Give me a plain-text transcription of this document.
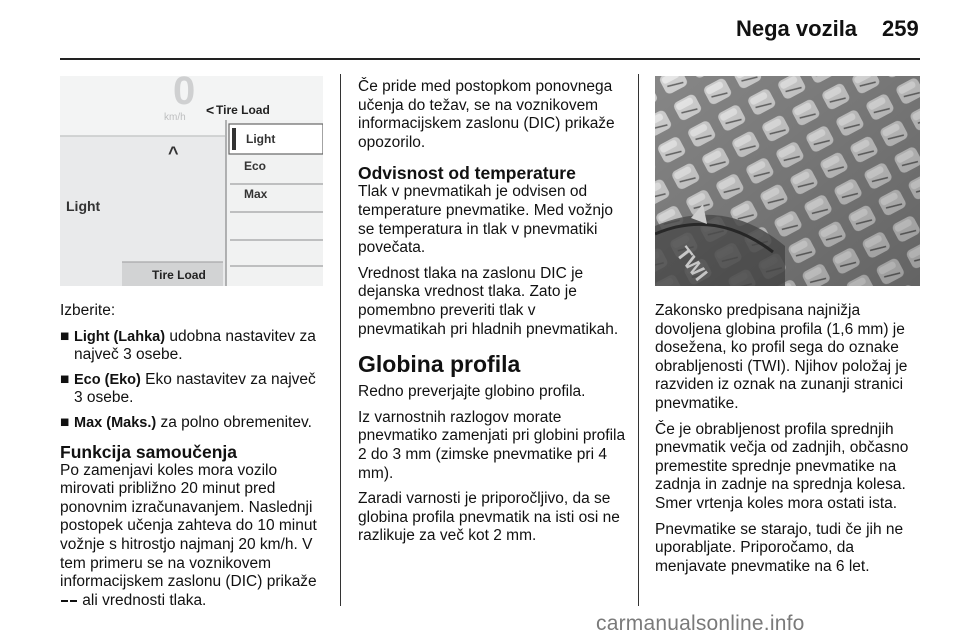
Nega vozila 259
0
km/h < Tire Load
^
Light
Light
Eco
Max
Tire Load

Izberite:

■ Light (Lahka) udobna nastavitev za največ 3 osebe.
■ Eco (Eko) Eko nastavitev za največ 3 osebe.
■ Max (Maks.) za polno obremenitev.
Funkcija samoučenja

Po zamenjavi koles mora vozilo mirovati približno 20 minut pred ponovnim izračunavanjem. Naslednji postopek učenja zahteva do 10 minut vožnje s hitrostjo najmanj 20 km/h. V tem primeru se na voznikovem informacijskem zaslonu (DIC) prikaže  ali vrednosti tlaka.

Če pride med postopkom ponovnega učenja do težav, se na voznikovem informacijskem zaslonu (DIC) prikaže opozorilo.

Odvisnost od temperature

Tlak v pnevmatikah je odvisen od temperature pnevmatike. Med vožnjo se temperatura in tlak v pnevmatiki povečata.

Vrednost tlaka na zaslonu DIC je dejanska vrednost tlaka. Zato je pomembno preveriti tlak v pnevmatikah pri hladnih pnevmatikah.

Globina profila

Redno preverjajte globino profila.

Iz varnostnih razlogov morate pnevmatiko zamenjati pri globini profila 2 do 3 mm (zimske pnevmatike pri 4 mm).

Zaradi varnosti je priporočljivo, da se globina profila pnevmatik na isti osi ne razlikuje za več kot 2 mm.

Zakonsko predpisana najnižja dovoljena globina profila (1,6 mm) je dosežena, ko profil sega do oznake obrabljenosti (TWI). Njihov položaj je razviden iz oznak na zunanji stranici pnevmatike.

Če je obrabljenost profila sprednjih pnevmatik večja od zadnjih, občasno premestite sprednje pnevmatike na zadnja in zadnje na sprednja kolesa. Smer vrtenja koles mora ostati ista.

Pnevmatike se starajo, tudi če jih ne uporabljate. Priporočamo, da menjavate pnevmatike na 6 let.

carmanualsonline.info
